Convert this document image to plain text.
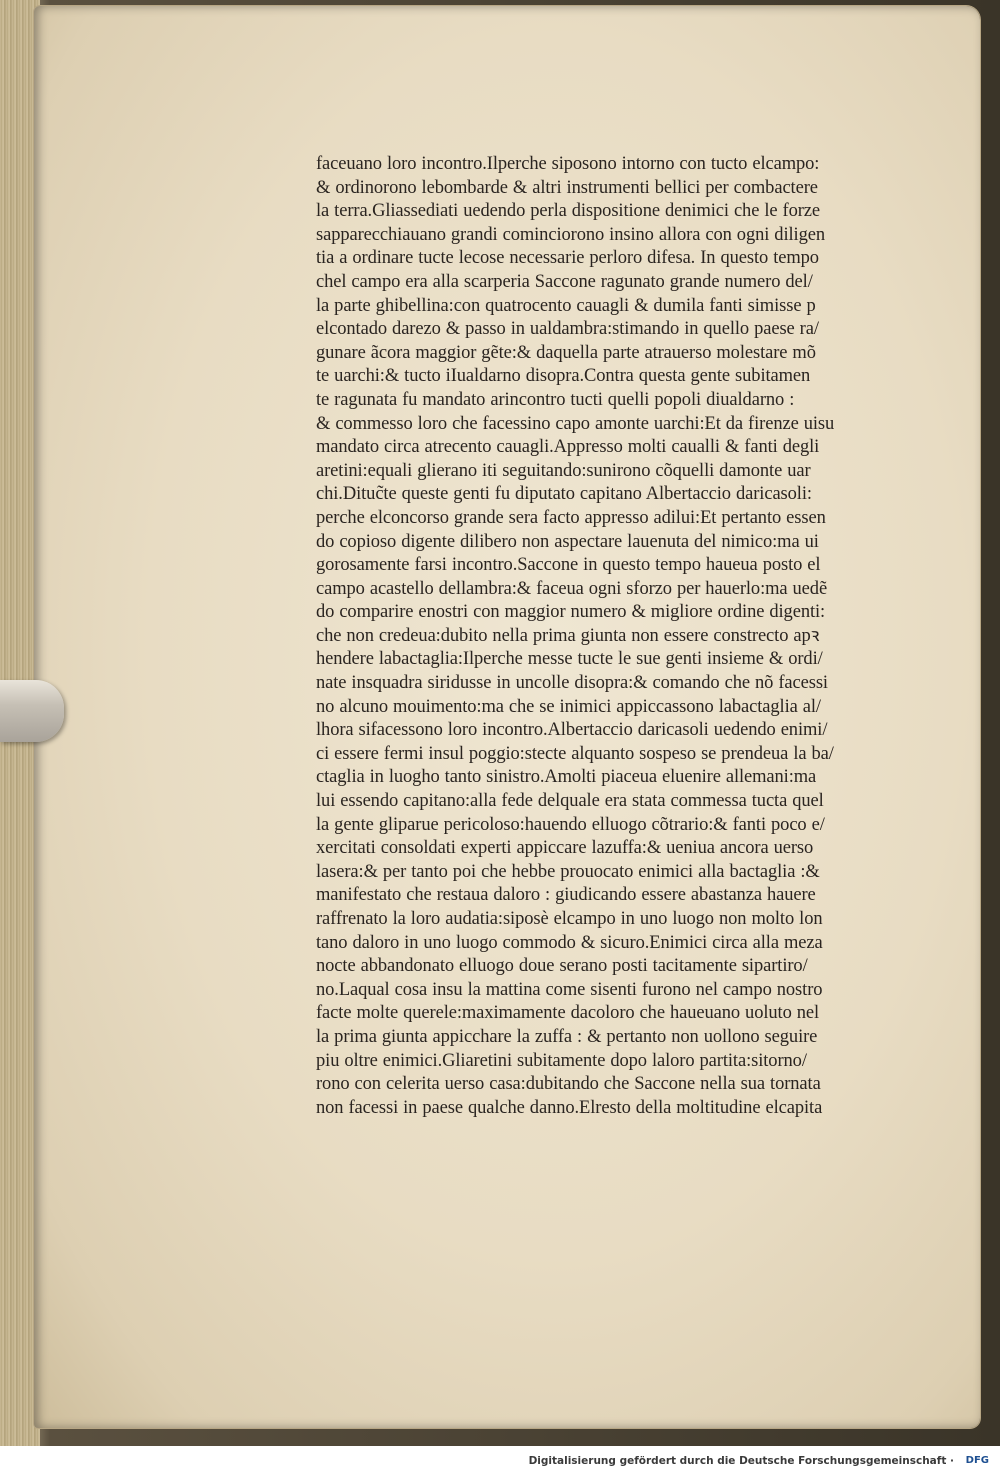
faceuano loro incontro.Ilperche siposono intorno con tucto elcampo:
& ordinorono lebombarde & altri instrumenti bellici per combactere
la terra.Gliassediati uedendo perla dispositione denimici che le forze
sapparecchiauano grandi cominciorono insino allora con ogni diligen
tia a ordinare tucte lecose necessarie perloro difesa. In questo tempo
chel campo era alla scarperia Saccone ragunato grande numero del/
la parte ghibellina:con quatrocento cauagli & dumila fanti simisse p
elcontado darezo & passo in ualdambra:stimando in quello paese ra/
gunare ãcora maggior gẽte:& daquella parte atrauerso molestare mõ
te uarchi:& tucto iIualdarno disopra.Contra questa gente subitamen
te ragunata fu mandato arincontro tucti quelli popoli diualdarno :
& commesso loro che facessino capo amonte uarchi:Et da firenze uisu
mandato circa atrecento cauagli.Appresso molti caualli & fanti degli
aretini:equali glierano iti seguitando:sunirono cõquelli damonte uar
chi.Dituc̃te queste genti fu diputato capitano Albertaccio daricasoli:
perche elconcorso grande sera facto appresso adilui:Et pertanto essen
do copioso digente dilibero non aspectare lauenuta del nimico:ma ui
gorosamente farsi incontro.Saccone in questo tempo haueua posto el
campo acastello dellambra:& faceua ogni sforzo per hauerlo:ma uedẽ
do comparire enostri con maggior numero & migliore ordine digenti:
che non credeua:dubito nella prima giunta non essere constrecto apꝛ
hendere labactaglia:Ilperche messe tucte le sue genti insieme & ordi/
nate insquadra siridusse in uncolle disopra:& comando che nõ facessi
no alcuno mouimento:ma che se inimici appiccassono labactaglia al/
lhora sifacessono loro incontro.Albertaccio daricasoli uedendo enimi/
ci essere fermi insul poggio:stecte alquanto sospeso se prendeua la ba/
ctaglia in luogho tanto sinistro.Amolti piaceua eluenire allemani:ma
lui essendo capitano:alla fede delquale era stata commessa tucta quel
la gente gliparue pericoloso:hauendo elluogo cõtrario:& fanti poco e/
xercitati consoldati experti appiccare lazuffa:& ueniua ancora uerso
lasera:& per tanto poi che hebbe prouocato enimici alla bactaglia :&
manifestato che restaua daloro : giudicando essere abastanza hauere
raffrenato la loro audatia:siposè elcampo in uno luogo non molto lon
tano daloro in uno luogo commodo & sicuro.Enimici circa alla meza
nocte abbandonato elluogo doue serano posti tacitamente sipartiro/
no.Laqual cosa insu la mattina come sisenti furono nel campo nostro
facte molte querele:maximamente dacoloro che haueuano uoluto nel
la prima giunta appicchare la zuffa : & pertanto non uollono seguire
piu oltre enimici.Gliaretini subitamente dopo laloro partita:sitorno/
rono con celerita uerso casa:dubitando che Saccone nella sua tornata
non facessi in paese qualche danno.Elresto della moltitudine elcapita
Digitalisierung gefördert durch die Deutsche Forschungsgemeinschaft ·	DFG
